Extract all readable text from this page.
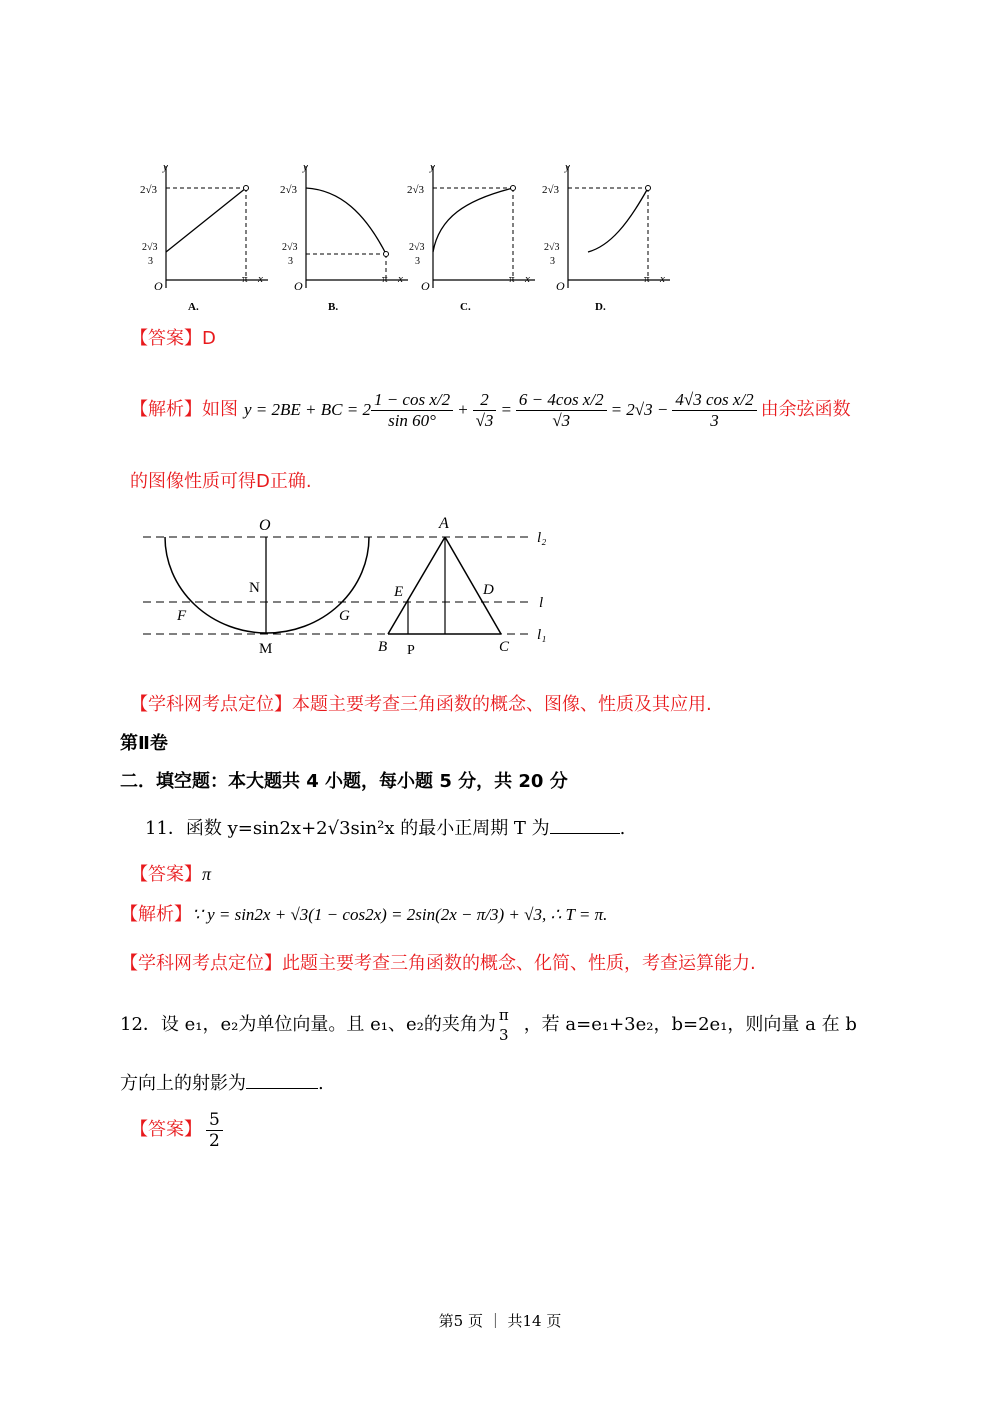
y
2√3
2√3
3
O	π x
A.
y
2√3
2√3
3
O	π x
B.
y
2√3
2√3
3
O	π x
C.
y
2√3
2√3
3
O	π x
D.
【答案】D
【解析】 如图 y = 2BE + BC = $2 \frac{\text{1 − cos x/2}}{\sin 60^\circ} + \frac{2}{√3} = \frac{\text{6 − 4cos x/2}}{√3} = 2√3 - \frac{\text{4√3 cos x/2}}{3}$ 由余弦函数
的图像性质可得D正确.
O	A
N	E	D
F	G
M	B P	C
l₂
l
l₁
【学科网考点定位】本题主要考查三角函数的概念、图像、性质及其应用.
第Ⅱ卷
二．填空题：本大题共 4 小题，每小题 5 分，共 20 分
11．函数 y=sin2x+2√3sin²x 的最小正周期 T 为	.
【答案】π
【解析】∵ y = sin2x + √3(1 − cos2x) = 2sin(2x − π/3) + √3, ∴ T = π.
【学科网考点定位】此题主要考查三角函数的概念、化简、性质，考查运算能力.
12．设 e₁，e₂为单位向量。且 e₁、e₂的夹角为 π
3 ，若 a=e₁+3e₂，b=2e₁，则向量 a 在 b
方向上的射影为	.
【答案】 $\frac{5}{2}$
第5 页 ｜ 共14 页
